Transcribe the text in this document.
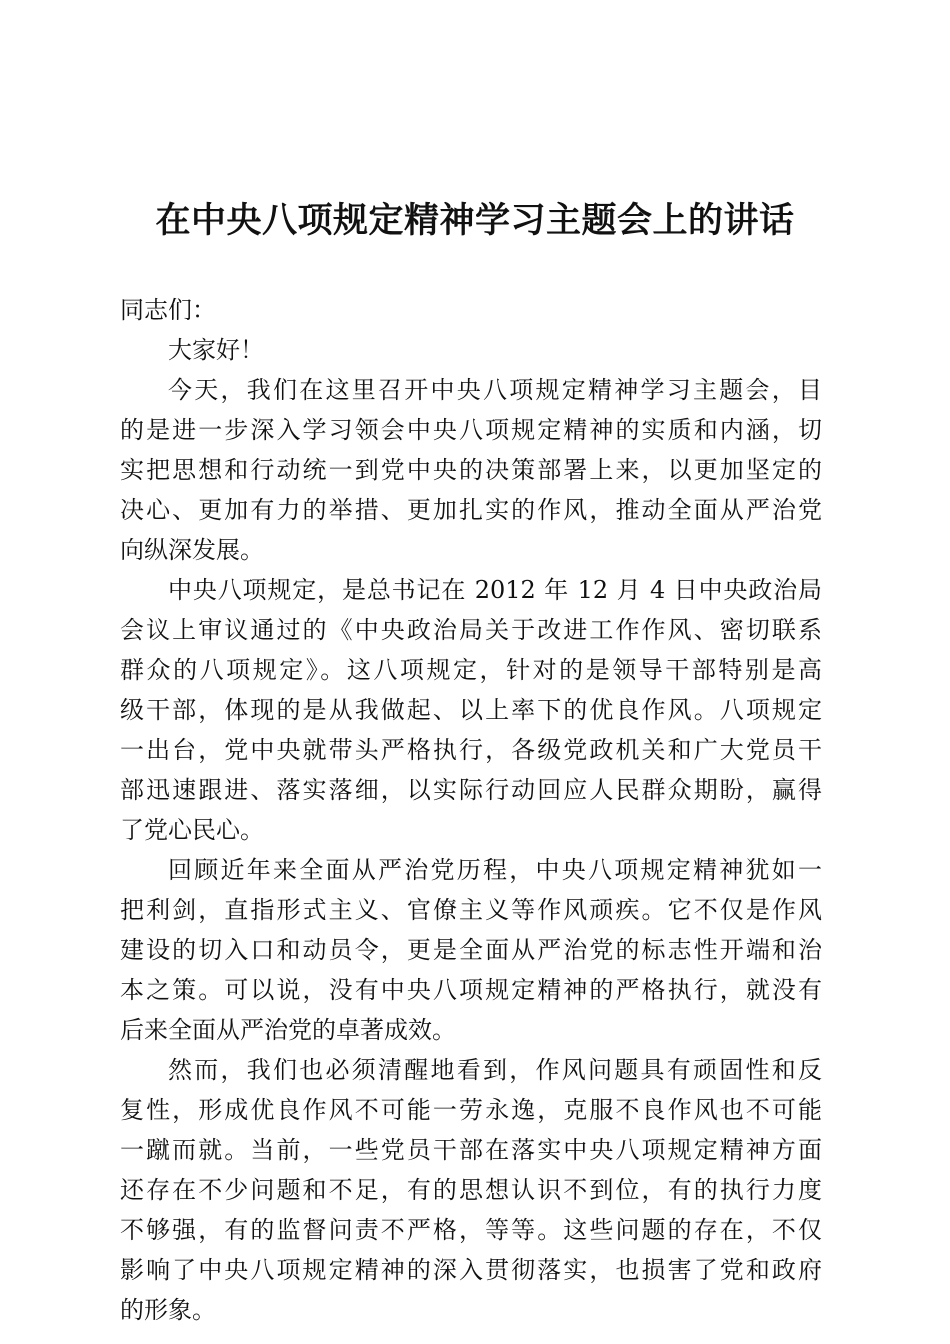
在中央八项规定精神学习主题会上的讲话
同志们：
大家好！
今天，我们在这里召开中央八项规定精神学习主题会，目
的是进一步深入学习领会中央八项规定精神的实质和内涵，切
实把思想和行动统一到党中央的决策部署上来，以更加坚定的
决心、更加有力的举措、更加扎实的作风，推动全面从严治党
向纵深发展。
中央八项规定，是总书记在 2012 年 12 月 4 日中央政治局
会议上审议通过的《中央政治局关于改进工作作风、密切联系
群众的八项规定》。这八项规定，针对的是领导干部特别是高
级干部，体现的是从我做起、以上率下的优良作风。八项规定
一出台，党中央就带头严格执行，各级党政机关和广大党员干
部迅速跟进、落实落细，以实际行动回应人民群众期盼，赢得
了党心民心。
回顾近年来全面从严治党历程，中央八项规定精神犹如一
把利剑，直指形式主义、官僚主义等作风顽疾。它不仅是作风
建设的切入口和动员令，更是全面从严治党的标志性开端和治
本之策。可以说，没有中央八项规定精神的严格执行，就没有
后来全面从严治党的卓著成效。
然而，我们也必须清醒地看到，作风问题具有顽固性和反
复性，形成优良作风不可能一劳永逸，克服不良作风也不可能
一蹴而就。当前，一些党员干部在落实中央八项规定精神方面
还存在不少问题和不足，有的思想认识不到位，有的执行力度
不够强，有的监督问责不严格，等等。这些问题的存在，不仅
影响了中央八项规定精神的深入贯彻落实，也损害了党和政府
的形象。
